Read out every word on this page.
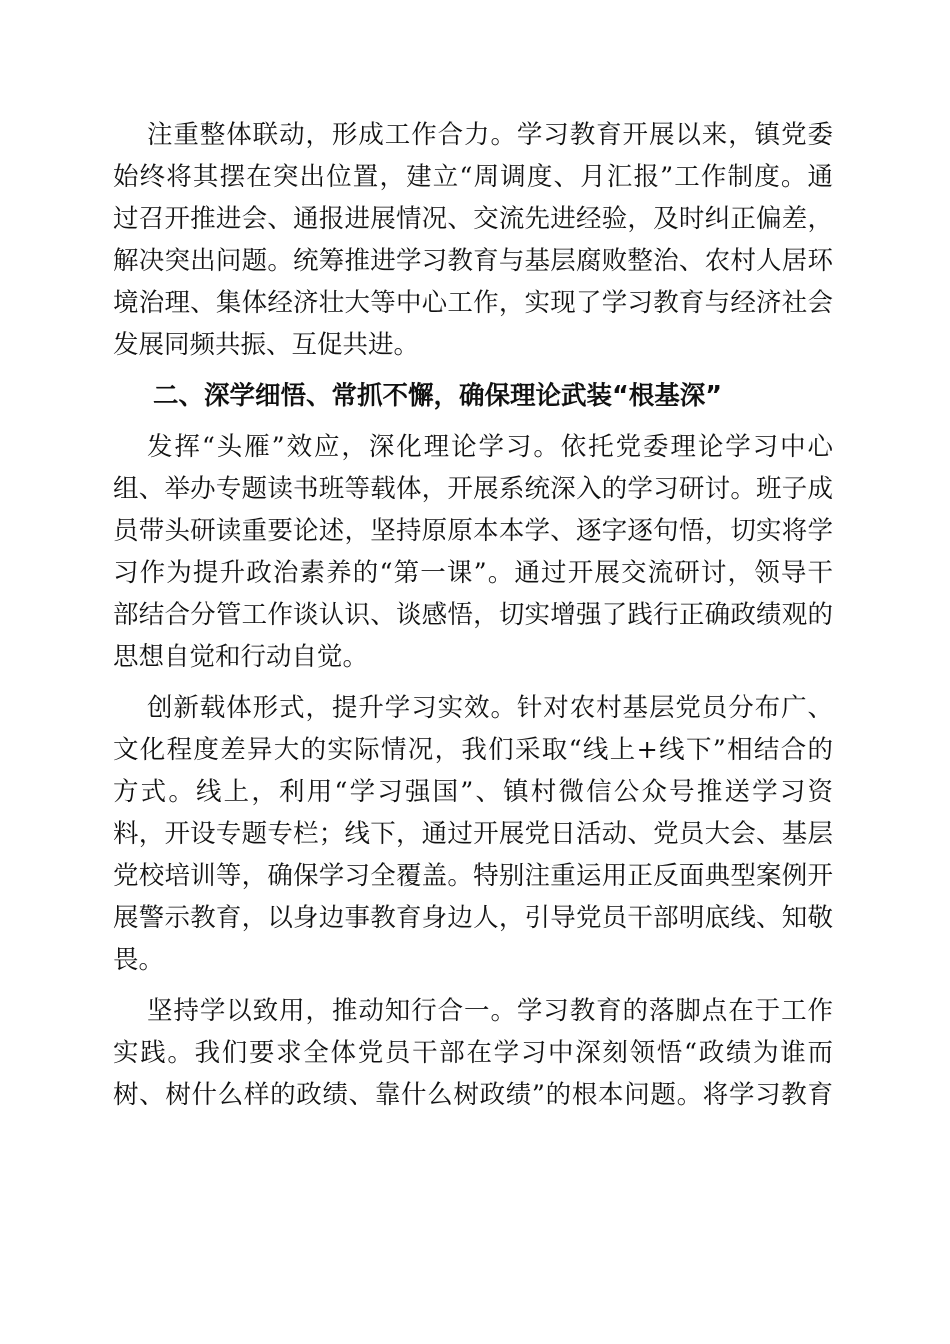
注重整体联动，形成工作合力。学习教育开展以来，镇党委
始终将其摆在突出位置，建立“周调度、月汇报”工作制度。通
过召开推进会、通报进展情况、交流先进经验，及时纠正偏差，
解决突出问题。统筹推进学习教育与基层腐败整治、农村人居环
境治理、集体经济壮大等中心工作，实现了学习教育与经济社会
发展同频共振、互促共进。
二、深学细悟、常抓不懈，确保理论武装“根基深”
发挥“头雁”效应，深化理论学习。依托党委理论学习中心
组、举办专题读书班等载体，开展系统深入的学习研讨。班子成
员带头研读重要论述，坚持原原本本学、逐字逐句悟，切实将学
习作为提升政治素养的“第一课”。通过开展交流研讨，领导干
部结合分管工作谈认识、谈感悟，切实增强了践行正确政绩观的
思想自觉和行动自觉。
创新载体形式，提升学习实效。针对农村基层党员分布广、
文化程度差异大的实际情况，我们采取“线上+线下”相结合的
方式。线上，利用“学习强国”、镇村微信公众号推送学习资
料，开设专题专栏；线下，通过开展党日活动、党员大会、基层
党校培训等，确保学习全覆盖。特别注重运用正反面典型案例开
展警示教育，以身边事教育身边人，引导党员干部明底线、知敬
畏。
坚持学以致用，推动知行合一。学习教育的落脚点在于工作
实践。我们要求全体党员干部在学习中深刻领悟“政绩为谁而
树、树什么样的政绩、靠什么树政绩”的根本问题。将学习教育
